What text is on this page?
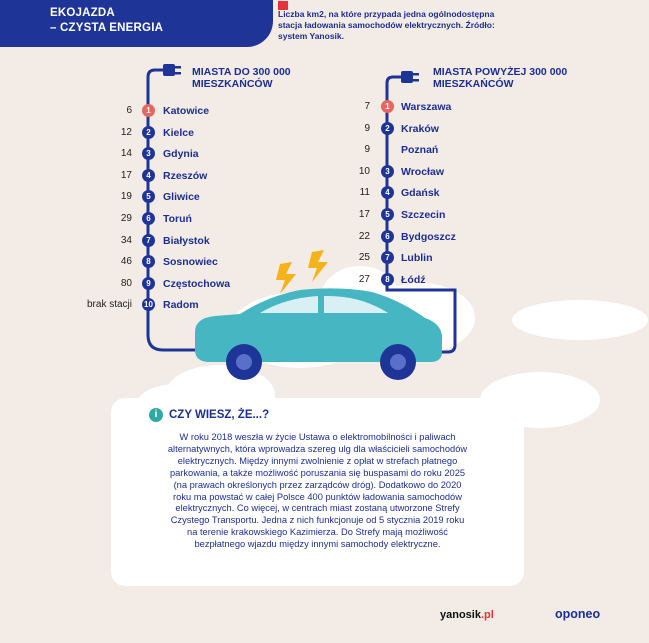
EKOJAZDA
– CZYSTA ENERGIA
Liczba km2, na które przypada jedna ogólnodostępna stacja ładowania samochodów elektrycznych. Źródło: system Yanosik.
MIASTA DO 300 000
MIESZKAŃCÓW
6	1	Katowice
12	2	Kielce
14	3	Gdynia
17	4	Rzeszów
19	5	Gliwice
29	6	Toruń
34	7	Białystok
46	8	Sosnowiec
80	9	Częstochowa
brak stacji 10 Radom
MIASTA POWYŻEJ 300 000
MIESZKAŃCÓW
7	1	Warszawa
9	2	Kraków
9	Poznań
10	3	Wrocław
11	4	Gdańsk
17	5	Szczecin
22	6	Bydgoszcz
25	7	Lublin
27	8	Łódź
i	CZY WIESZ, ŻE...?
W roku 2018 weszła w życie Ustawa o elektromobilności i paliwach
alternatywnych, która wprowadza szereg ulg dla właścicieli samochodów
elektrycznych. Między innymi zwolnienie z opłat w strefach płatnego
parkowania, a także możliwość poruszania się buspasami do roku 2025
(na prawach określonych przez zarządców dróg). Dodatkowo do 2020
roku ma powstać w całej Polsce 400 punktów ładowania samochodów
elektrycznych. Co więcej, w centrach miast zostaną utworzone Strefy
Czystego Transportu. Jedna z nich funkcjonuje od 5 stycznia 2019 roku
na terenie krakowskiego Kazimierza. Do Strefy mają możliwość
bezpłatnego wjazdu między innymi samochody elektryczne.
yanosik.pl	oponeo
